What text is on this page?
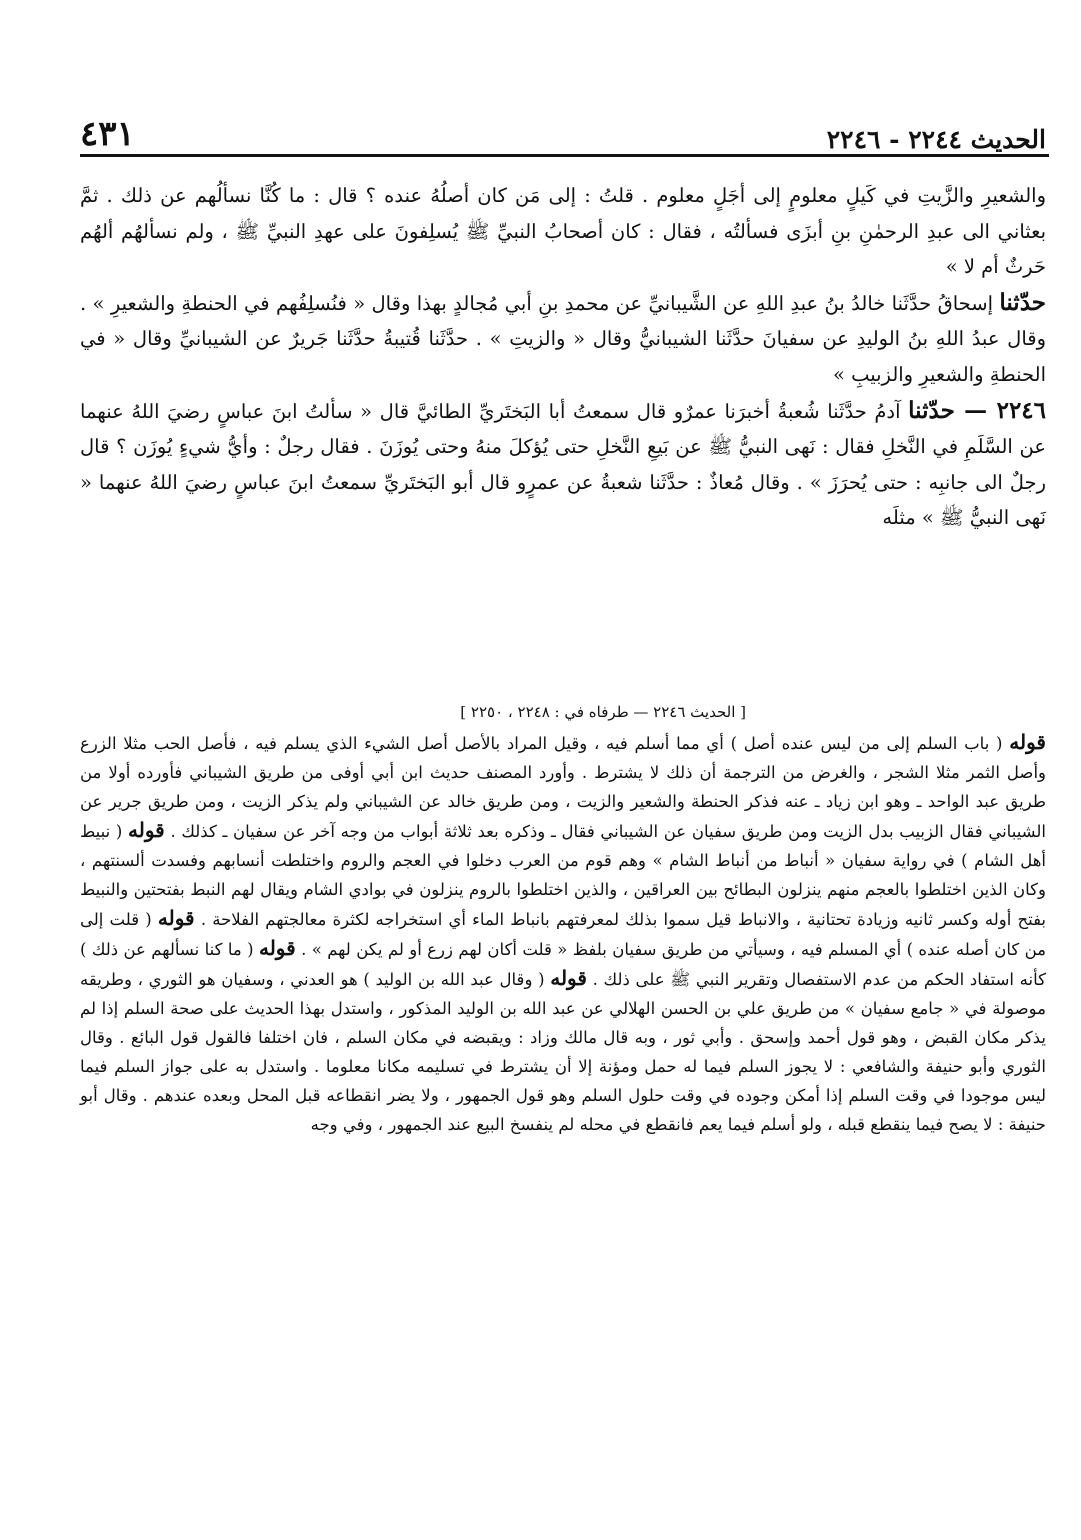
الحديث ٢٢٤٤ - ٢٢٤٦
٤٣١

والشعيرِ والزَّيتِ في كَيلٍ معلومٍ إلى أجَلٍ معلوم . قلتُ : إلى مَن كان أصلُهُ عنده ؟ قال : ما كُنَّا نسألُهم عن ذلك . ثمَّ بعثاني الى عبدِ الرحمٰنِ بنِ أبزَى فسألتُه ، فقال : كان أصحابُ النبيِّ ﷺ يُسلِفونَ على عهدِ النبيِّ ﷺ ، ولم نسألهُم ألهُم حَرثٌ أم لا »

حدّثنا إسحاقُ حدَّثَنا خالدُ بنُ عبدِ اللهِ عن الشَّيبانيِّ عن محمدِ بنِ أبي مُجالدٍ بهذا وقال « فنُسلِفُهم في الحنطةِ والشعيرِ » . وقال عبدُ اللهِ بنُ الوليدِ عن سفيانَ حدَّثَنا الشيبانيُّ وقال « والزيتِ » . حدَّثَنا قُتيبةُ حدَّثَنا جَريرٌ عن الشيبانيِّ وقال « في الحنطةِ والشعيرِ والزبيبِ »

٢٢٤٦ — حدّثنا آدمُ حدَّثَنا شُعبةُ أخبرَنا عمرٌو قال سمعتُ أبا البَختَريِّ الطائيَّ قال « سألتُ ابنَ عباسٍ رضيَ اللهُ عنهما عن السَّلَمِ في النَّخلِ فقال : نَهى النبيُّ ﷺ عن بَيعِ النَّخلِ حتى يُؤكلَ منهُ وحتى يُوزَنَ . فقال رجلٌ : وأيُّ شيءٍ يُوزَن ؟ قال رجلٌ الى جانبِه : حتى يُحرَزَ » . وقال مُعاذٌ : حدَّثَنا شعبةُ عن عمرٍو قال أبو البَختَريِّ سمعتُ ابنَ عباسٍ رضيَ اللهُ عنهما « نَهى النبيُّ ﷺ » مثلَه

[ الحديث ٢٢٤٦ — طرفاه في : ٢٢٤٨ ، ٢٢٥٠ ]

قوله ( باب السلم إلى من ليس عنده أصل ) أي مما أسلم فيه ، وقيل المراد بالأصل أصل الشيء الذي يسلم فيه ، فأصل الحب مثلا الزرع وأصل الثمر مثلا الشجر ، والغرض من الترجمة أن ذلك لا يشترط . وأورد المصنف حديث ابن أبي أوفى من طريق الشيباني فأورده أولا من طريق عبد الواحد ـ وهو ابن زياد ـ عنه فذكر الحنطة والشعير والزيت ، ومن طريق خالد عن الشيباني ولم يذكر الزيت ، ومن طريق جرير عن الشيباني فقال الزبيب بدل الزيت ومن طريق سفيان عن الشيباني فقال ـ وذكره بعد ثلاثة أبواب من وجه آخر عن سفيان ـ كذلك . قوله ( نبيط أهل الشام ) في رواية سفيان « أنباط من أنباط الشام » وهم قوم من العرب دخلوا في العجم والروم واختلطت أنسابهم وفسدت ألسنتهم ، وكان الذين اختلطوا بالعجم منهم ينزلون البطائح بين العراقين ، والذين اختلطوا بالروم ينزلون في بوادي الشام ويقال لهم النبط بفتحتين والنبيط بفتح أوله وكسر ثانيه وزيادة تحتانية ، والانباط قيل سموا بذلك لمعرفتهم بانباط الماء أي استخراجه لكثرة معالجتهم الفلاحة . قوله ( قلت إلى من كان أصله عنده ) أي المسلم فيه ، وسيأتي من طريق سفيان بلفظ « قلت أكان لهم زرع أو لم يكن لهم » . قوله ( ما كنا نسألهم عن ذلك ) كأنه استفاد الحكم من عدم الاستفصال وتقرير النبي ﷺ على ذلك . قوله ( وقال عبد الله بن الوليد ) هو العدني ، وسفيان هو الثوري ، وطريقه موصولة في « جامع سفيان » من طريق علي بن الحسن الهلالي عن عبد الله بن الوليد المذكور ، واستدل بهذا الحديث على صحة السلم إذا لم يذكر مكان القبض ، وهو قول أحمد وإسحق . وأبي ثور ، وبه قال مالك وزاد : ويقبضه في مكان السلم ، فان اختلفا فالقول قول البائع . وقال الثوري وأبو حنيفة والشافعي : لا يجوز السلم فيما له حمل ومؤنة إلا أن يشترط في تسليمه مكانا معلوما . واستدل به على جواز السلم فيما ليس موجودا في وقت السلم إذا أمكن وجوده في وقت حلول السلم وهو قول الجمهور ، ولا يضر انقطاعه قبل المحل وبعده عندهم . وقال أبو حنيفة : لا يصح فيما ينقطع قبله ، ولو أسلم فيما يعم فانقطع في محله لم ينفسخ البيع عند الجمهور ، وفي وجه
